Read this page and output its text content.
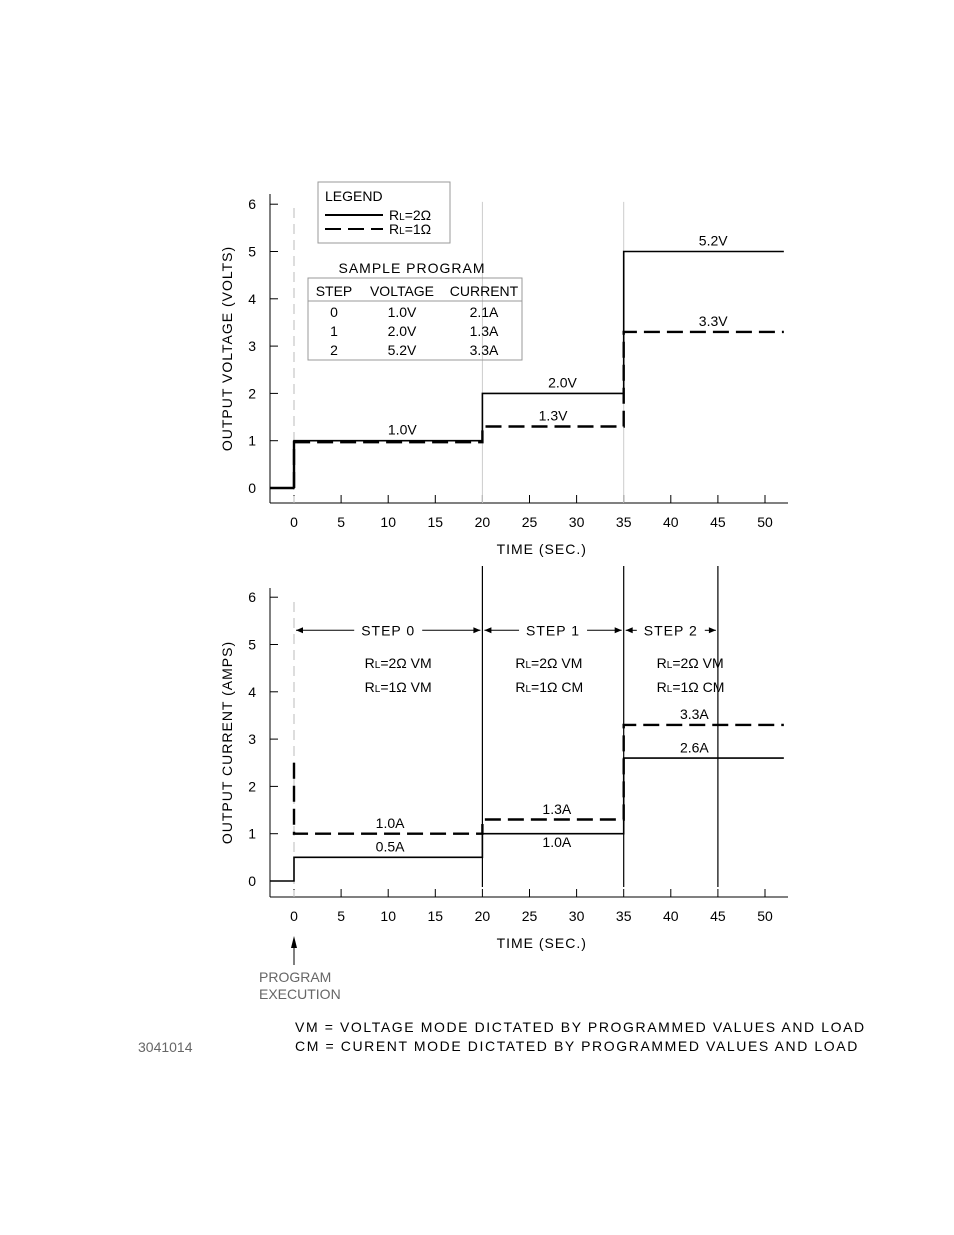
0
1
2
3
4
5
6
0	5	10 15 20 25 30 35 40 45 50
TIME (SEC.)
OUTPUT VOLTAGE (VOLTS)	1.0V
2.0V
1.3V
5.2V
3.3V
LEGEND
RL=2Ω
RL=1Ω
SAMPLE PROGRAM
STEP VOLTAGE CURRENT
0	1.0V	2.1A
1	2.0V	1.3A
2	5.2V	3.3A
0
1
2
3
4
5
6
0	5	10 15 20 25 30 35 40 45 50
TIME (SEC.)
OUTPUT CURRENT (AMPS)	1.0A
0.5A
1.3A
1.0A
3.3A
2.6A
STEP 0	STEP 1	STEP 2
RL=2Ω VM
RL=1Ω VM
RL=2Ω VM
RL=1Ω CM
RL=2Ω VM
RL=1Ω CM
PROGRAM
EXECUTION
3041014
VM = VOLTAGE MODE DICTATED BY PROGRAMMED VALUES AND LOAD
CM = CURENT MODE DICTATED BY PROGRAMMED VALUES AND LOAD
